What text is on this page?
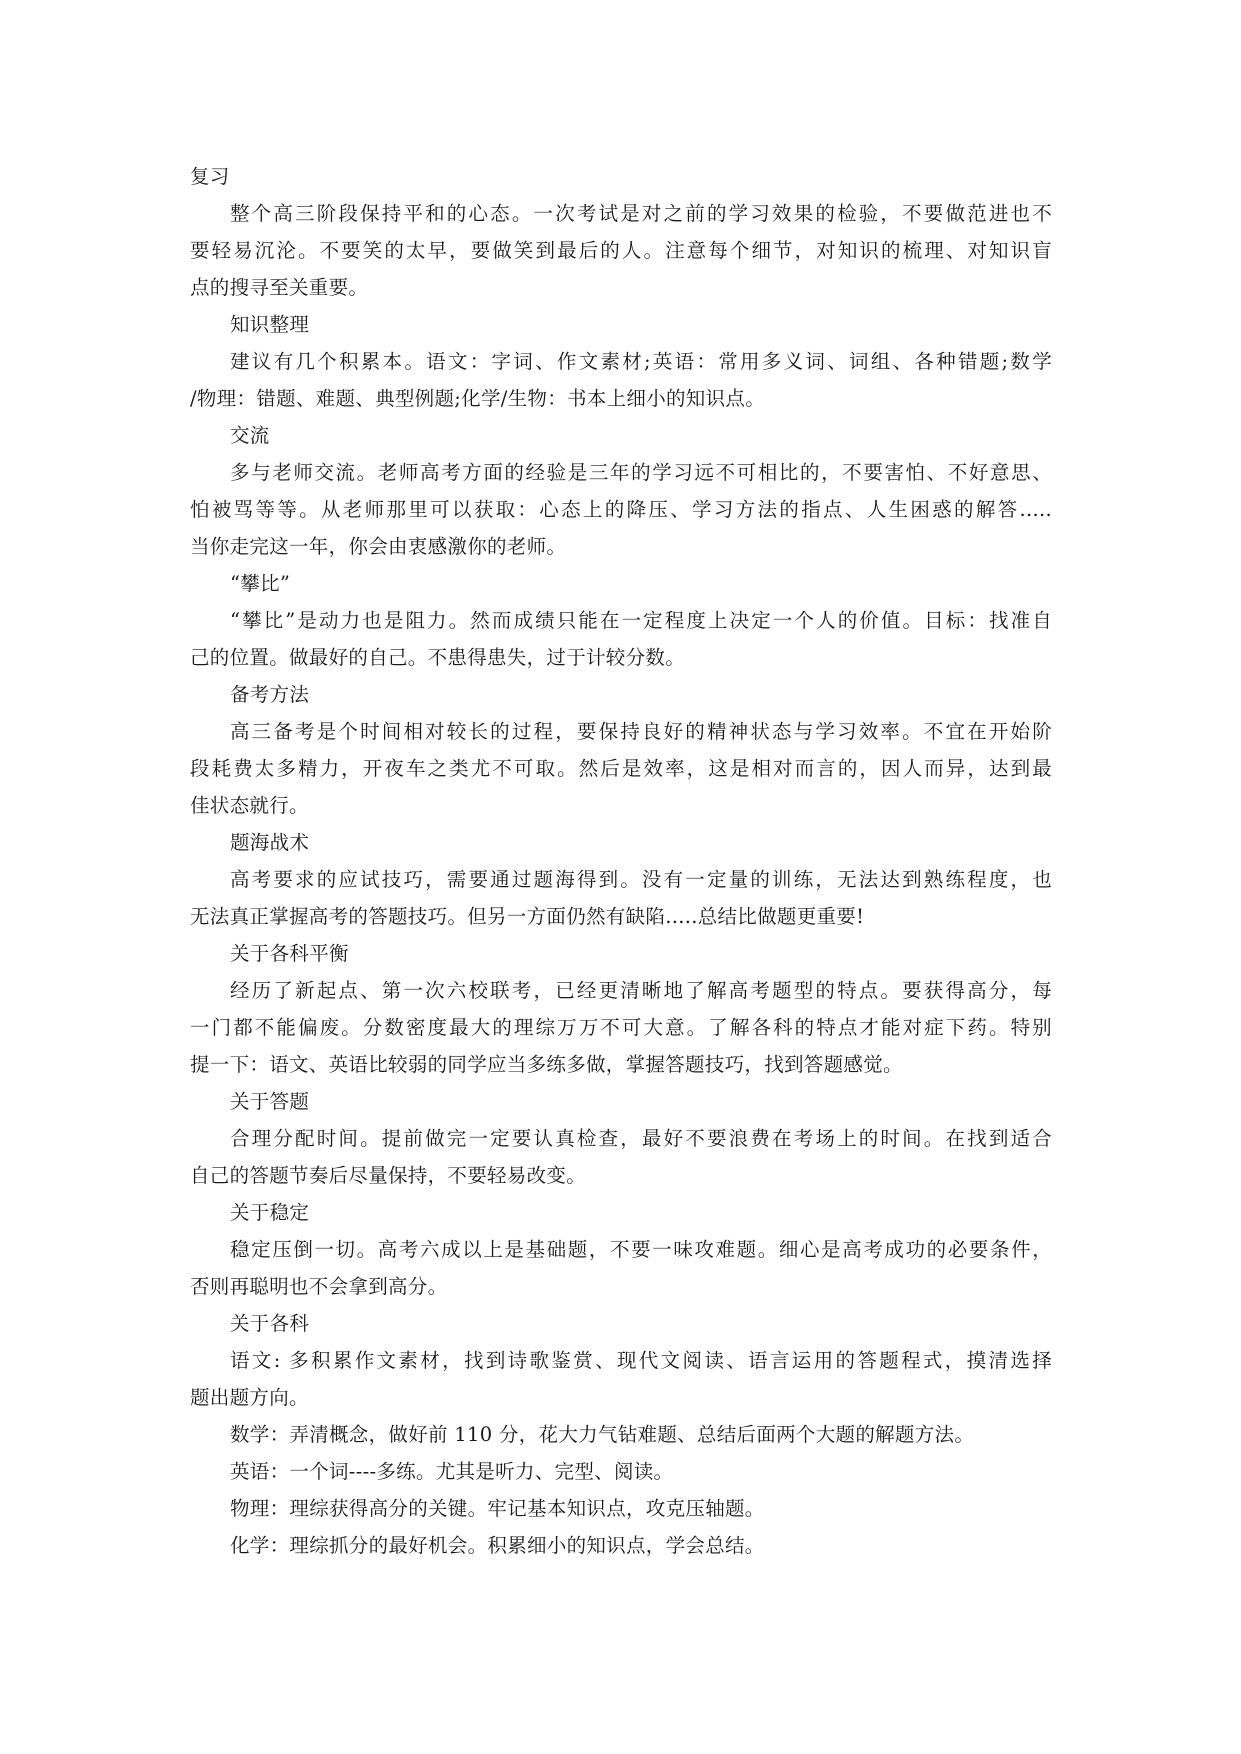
复习

整个高三阶段保持平和的心态。一次考试是对之前的学习效果的检验，不要做范进也不

要轻易沉沦。不要笑的太早，要做笑到最后的人。注意每个细节，对知识的梳理、对知识盲

点的搜寻至关重要。

知识整理

建议有几个积累本。语文：字词、作文素材;英语：常用多义词、词组、各种错题;数学

/物理：错题、难题、典型例题;化学/生物：书本上细小的知识点。

交流

多与老师交流。老师高考方面的经验是三年的学习远不可相比的，不要害怕、不好意思、

怕被骂等等。从老师那里可以获取：心态上的降压、学习方法的指点、人生困惑的解答.....

当你走完这一年，你会由衷感激你的老师。

“攀比”

“攀比”是动力也是阻力。然而成绩只能在一定程度上决定一个人的价值。目标：找准自

己的位置。做最好的自己。不患得患失，过于计较分数。

备考方法

高三备考是个时间相对较长的过程，要保持良好的精神状态与学习效率。不宜在开始阶

段耗费太多精力，开夜车之类尤不可取。然后是效率，这是相对而言的，因人而异，达到最

佳状态就行。

题海战术

高考要求的应试技巧，需要通过题海得到。没有一定量的训练，无法达到熟练程度，也

无法真正掌握高考的答题技巧。但另一方面仍然有缺陷.....总结比做题更重要!

关于各科平衡

经历了新起点、第一次六校联考，已经更清晰地了解高考题型的特点。要获得高分，每

一门都不能偏废。分数密度最大的理综万万不可大意。了解各科的特点才能对症下药。特别

提一下：语文、英语比较弱的同学应当多练多做，掌握答题技巧，找到答题感觉。

关于答题

合理分配时间。提前做完一定要认真检查，最好不要浪费在考场上的时间。在找到适合

自己的答题节奏后尽量保持，不要轻易改变。

关于稳定

稳定压倒一切。高考六成以上是基础题，不要一味攻难题。细心是高考成功的必要条件，

否则再聪明也不会拿到高分。

关于各科

语文: 多积累作文素材，找到诗歌鉴赏、现代文阅读、语言运用的答题程式，摸清选择

题出题方向。

数学：弄清概念，做好前 110 分，花大力气钻难题、总结后面两个大题的解题方法。

英语：一个词----多练。尤其是听力、完型、阅读。

物理：理综获得高分的关键。牢记基本知识点，攻克压轴题。

化学：理综抓分的最好机会。积累细小的知识点，学会总结。
